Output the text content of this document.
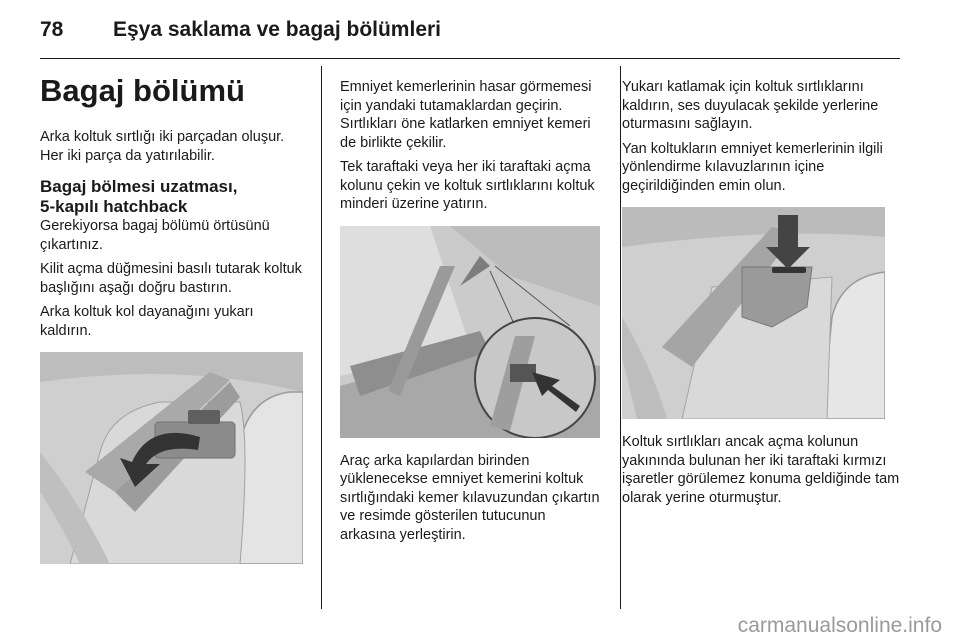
78 Eşya saklama ve bagaj bölümleri
Bagaj bölümü

Arka koltuk sırtlığı iki parçadan oluşur. Her iki parça da yatırılabilir.

Bagaj bölmesi uzatması,
5-kapılı hatchback

Gerekiyorsa bagaj bölümü örtüsünü çıkartınız.

Kilit açma düğmesini basılı tutarak koltuk başlığını aşağı doğru bastırın.

Arka koltuk kol dayanağını yukarı kaldırın.

Emniyet kemerlerinin hasar görmemesi için yandaki tutamaklardan geçirin. Sırtlıkları öne katlarken emniyet kemeri de birlikte çekilir.

Tek taraftaki veya her iki taraftaki açma kolunu çekin ve koltuk sırtlıklarını koltuk minderi üzerine yatırın.

Araç arka kapılardan birinden yüklenecekse emniyet kemerini koltuk sırtlığındaki kemer kılavuzundan çıkartın ve resimde gösterilen tutucunun arkasına yerleştirin.

Yukarı katlamak için koltuk sırtlıklarını kaldırın, ses duyulacak şekilde yerlerine oturmasını sağlayın.

Yan koltukların emniyet kemerlerinin ilgili yönlendirme kılavuzlarının içine geçirildiğinden emin olun.

Koltuk sırtlıkları ancak açma kolunun yakınında bulunan her iki taraftaki kırmızı işaretler görülemez konuma geldiğinde tam olarak yerine oturmuştur.

carmanualsonline.info
